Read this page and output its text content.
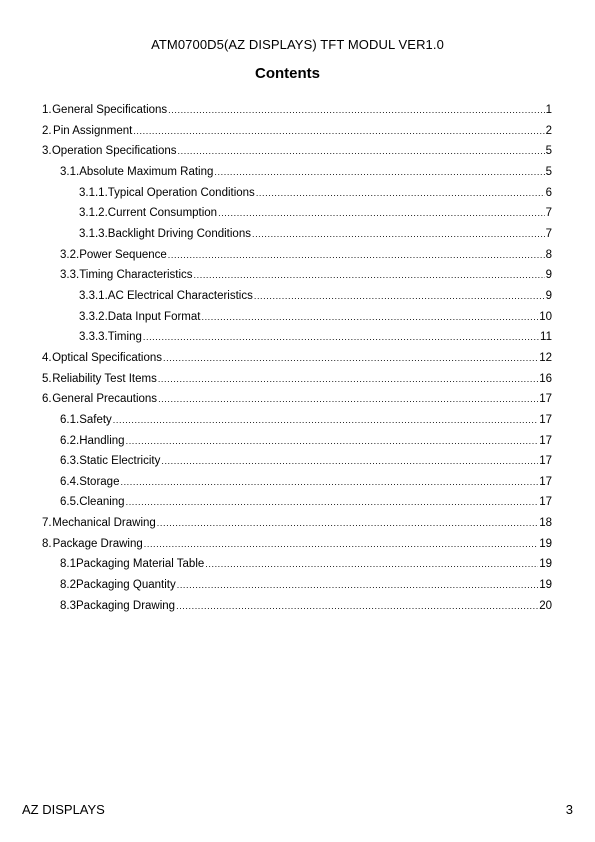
ATM0700D5(AZ DISPLAYS) TFT MODUL VER1.0
Contents
1. General Specifications .....	1
2. Pin Assignment .....	2
3. Operation Specifications .....	5
3.1. Absolute Maximum Rating .....	5
3.1.1. Typical Operation Conditions .....	6
3.1.2. Current Consumption .....	7
3.1.3. Backlight Driving Conditions .....	7
3.2. Power Sequence .....	8
3.3. Timing Characteristics .....	9
3.3.1. AC Electrical Characteristics .....	9
3.3.2. Data Input Format .....	10
3.3.3. Timing .....	11
4. Optical Specifications .....	12
5. Reliability Test Items .....	16
6. General Precautions .....	17
6.1. Safety .....	17
6.2. Handling .....	17
6.3. Static Electricity .....	17
6.4. Storage .....	17
6.5. Cleaning .....	17
7. Mechanical Drawing .....	18
8. Package Drawing .....	19
8.1 Packaging Material Table .....	19
8.2 Packaging Quantity .....	19
8.3 Packaging Drawing .....	20
AZ DISPLAYS	3
